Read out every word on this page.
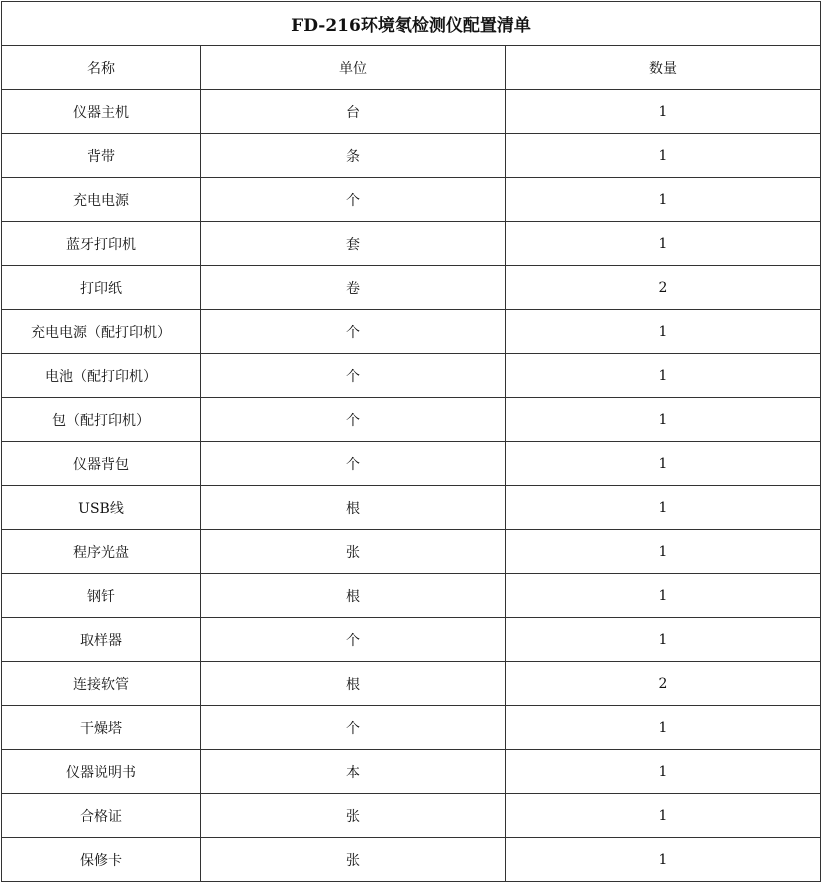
FD-216环境氡检测仪配置清单		
名称	单位	数量
仪器主机	台	1
背带	条	1
充电电源	个	1
蓝牙打印机	套	1
打印纸	卷	2
充电电源（配打印机）	个	1
电池（配打印机）	个	1
包（配打印机）	个	1
仪器背包	个	1
USB线	根	1
程序光盘	张	1
钢钎	根	1
取样器	个	1
连接软管	根	2
干燥塔	个	1
仪器说明书	本	1
合格证	张	1
保修卡	张	1
